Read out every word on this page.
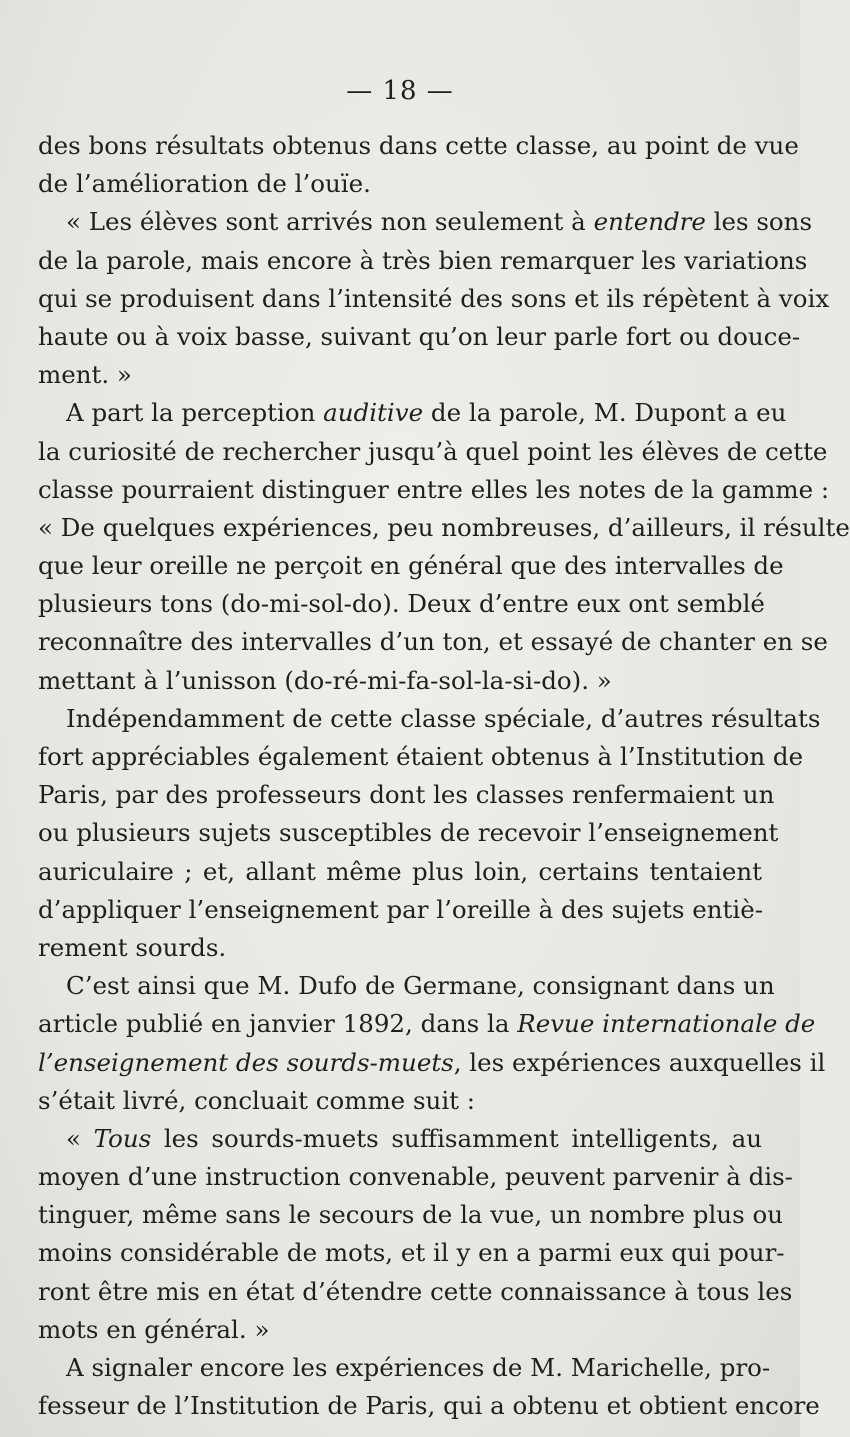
— 18 —
des bons résultats obtenus dans cette classe, au point de vue
de l’amélioration de l’ouïe.
« Les élèves sont arrivés non seulement à entendre les sons
de la parole, mais encore à très bien remarquer les variations
qui se produisent dans l’intensité des sons et ils répètent à voix
haute ou à voix basse, suivant qu’on leur parle fort ou douce-
ment. »
A part la perception auditive de la parole, M. Dupont a eu
la curiosité de rechercher jusqu’à quel point les élèves de cette
classe pourraient distinguer entre elles les notes de la gamme :
« De quelques expériences, peu nombreuses, d’ailleurs, il résulte
que leur oreille ne perçoit en général que des intervalles de
plusieurs tons (do-mi-sol-do). Deux d’entre eux ont semblé
reconnaître des intervalles d’un ton, et essayé de chanter en se
mettant à l’unisson (do-ré-mi-fa-sol-la-si-do). »
Indépendamment de cette classe spéciale, d’autres résultats
fort appréciables également étaient obtenus à l’Institution de
Paris, par des professeurs dont les classes renfermaient un
ou plusieurs sujets susceptibles de recevoir l’enseignement
auriculaire ; et, allant même plus loin, certains tentaient
d’appliquer l’enseignement par l’oreille à des sujets entiè-
rement sourds.
C’est ainsi que M. Dufo de Germane, consignant dans un
article publié en janvier 1892, dans la Revue internationale de
l’enseignement des sourds-muets, les expériences auxquelles il
s’était livré, concluait comme suit :
« Tous les sourds-muets suffisamment intelligents, au
moyen d’une instruction convenable, peuvent parvenir à dis-
tinguer, même sans le secours de la vue, un nombre plus ou
moins considérable de mots, et il y en a parmi eux qui pour-
ront être mis en état d’étendre cette connaissance à tous les
mots en général. »
A signaler encore les expériences de M. Marichelle, pro-
fesseur de l’Institution de Paris, qui a obtenu et obtient encore
